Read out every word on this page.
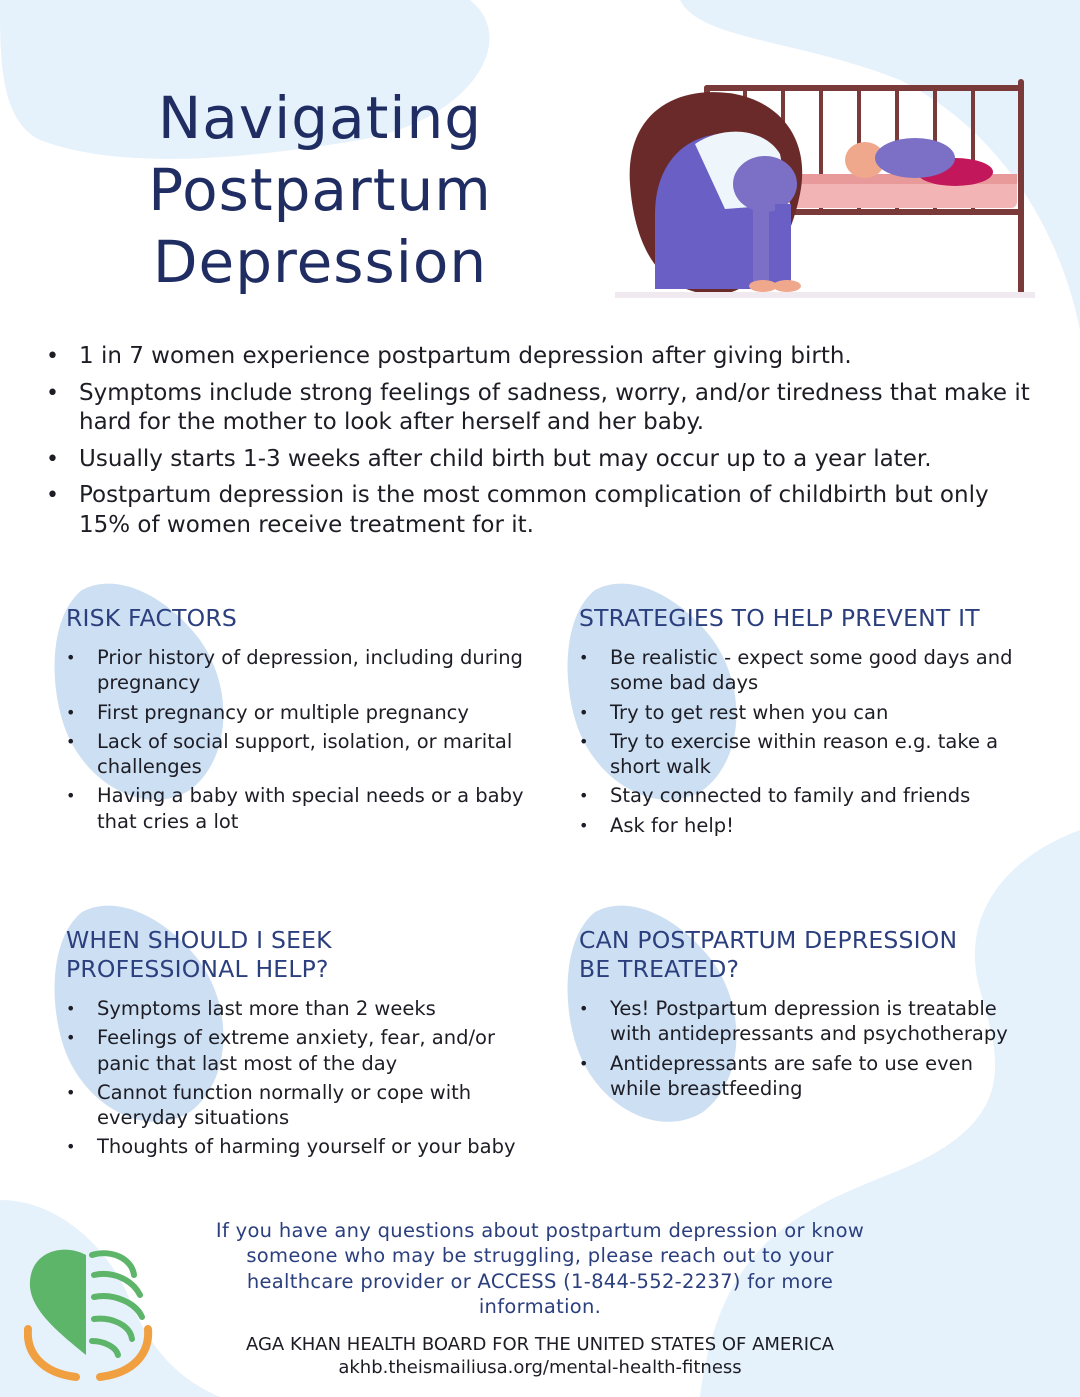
Navigating
Postpartum
Depression
• 1 in 7 women experience postpartum depression after giving birth.
• Symptoms include strong feelings of sadness, worry, and/or tiredness that make it hard for the mother to look after herself and her baby.
• Usually starts 1-3 weeks after child birth but may occur up to a year later.
• Postpartum depression is the most common complication of childbirth but only 15% of women receive treatment for it.
RISK FACTORS
• Prior history of depression, including during pregnancy
• First pregnancy or multiple pregnancy
• Lack of social support, isolation, or marital challenges
• Having a baby with special needs or a baby that cries a lot
STRATEGIES TO HELP PREVENT IT
• Be realistic - expect some good days and some bad days
• Try to get rest when you can
• Try to exercise within reason e.g. take a short walk
• Stay connected to family and friends
• Ask for help!
WHEN SHOULD I SEEK
PROFESSIONAL HELP?
• Symptoms last more than 2 weeks
• Feelings of extreme anxiety, fear, and/or panic that last most of the day
• Cannot function normally or cope with everyday situations
• Thoughts of harming yourself or your baby
CAN POSTPARTUM DEPRESSION
BE TREATED?
• Yes! Postpartum depression is treatable with antidepressants and psychotherapy
• Antidepressants are safe to use even while breastfeeding

If you have any questions about postpartum depression or know someone who may be struggling, please reach out to your healthcare provider or ACCESS (1-844-552-2237) for more information.

AGA KHAN HEALTH BOARD FOR THE UNITED STATES OF AMERICA

akhb.theismailiusa.org/mental-health-fitness
